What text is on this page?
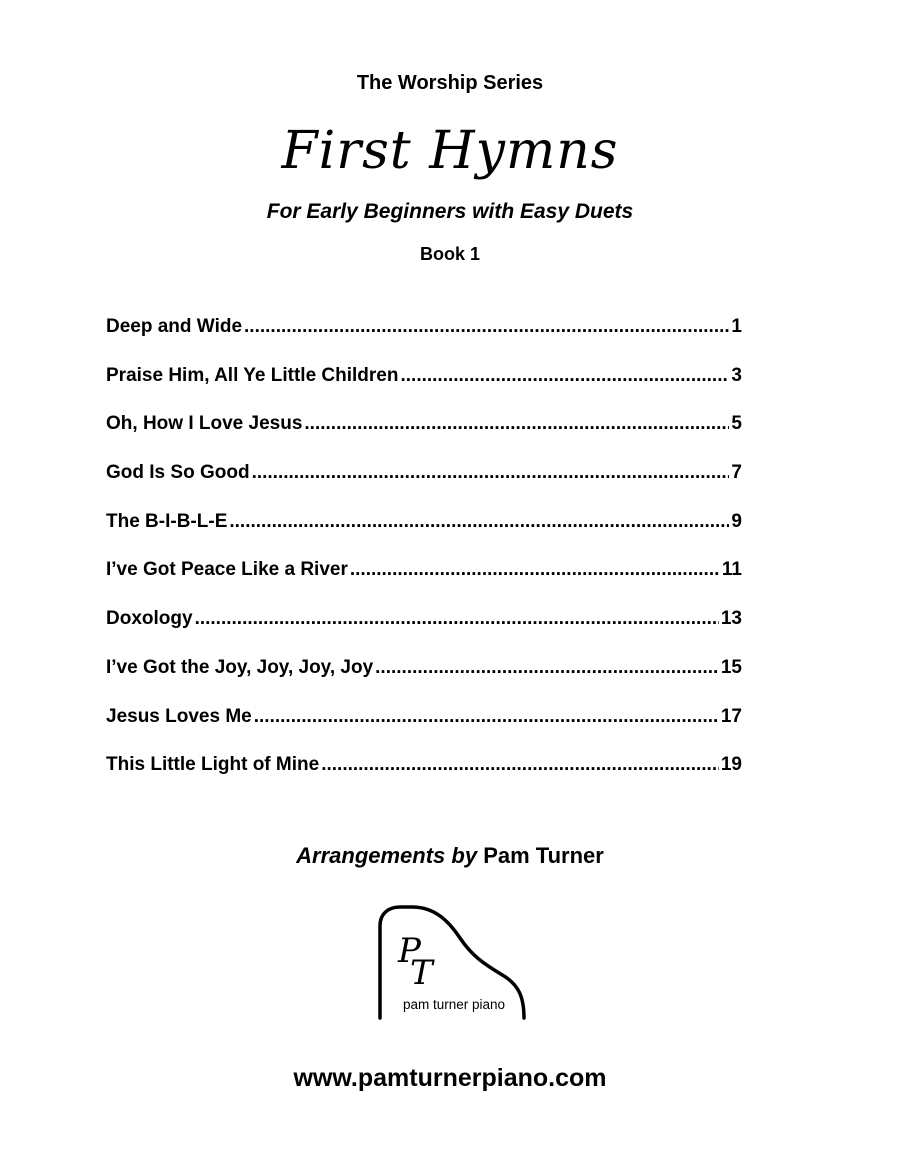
The Worship Series
First Hymns
For Early Beginners with Easy Duets
Book 1
Deep and Wide .....	1
Praise Him, All Ye Little Children .....	3
Oh, How I Love Jesus .....	5
God Is So Good .....	7
The B-I-B-L-E .....	9
I’ve Got Peace Like a River .....	11
Doxology .....	13
I’ve Got the Joy, Joy, Joy, Joy .....	15
Jesus Loves Me .....	17
This Little Light of Mine .....	19
Arrangements by Pam Turner
P
T
pam turner piano
www.pamturnerpiano.com
